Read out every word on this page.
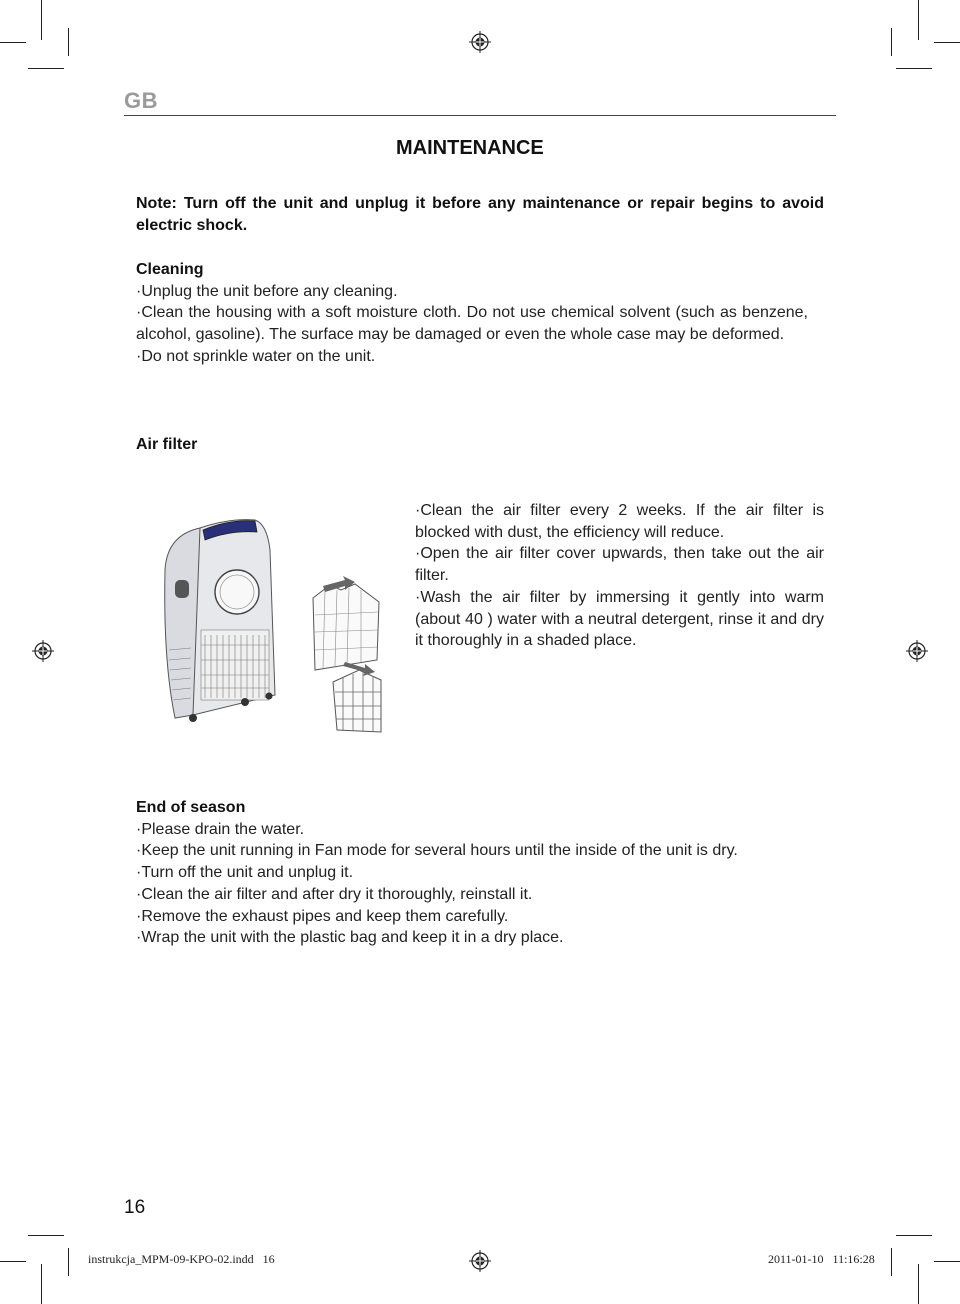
GB
MAINTENANCE
Note: Turn off the unit and unplug it before any maintenance or repair begins to avoid electric shock.

Cleaning

·Unplug the unit before any cleaning.

·Clean the housing with a soft moisture cloth. Do not use chemical solvent (such as benzene, alcohol, gasoline). The surface may be damaged or even the whole case may be deformed.

·Do not sprinkle water on the unit.

Air filter

·Clean the air filter every 2 weeks. If the air filter is blocked with dust, the efficiency will reduce.

·Open the air filter cover upwards, then take out the air filter.

·Wash the air filter by immersing it gently into warm (about 40 ) water with a neutral detergent, rinse it and dry it thoroughly in a shaded place.

End of season

·Please drain the water.

·Keep the unit running in Fan mode for several hours until the inside of the unit is dry.

·Turn off the unit and unplug it.

·Clean the air filter and after dry it thoroughly, reinstall it.

·Remove the exhaust pipes and keep them carefully.

·Wrap the unit with the plastic bag and keep it in a dry place.

16
instrukcja_MPM-09-KPO-02.indd   16	2011-01-10   11:16:28
